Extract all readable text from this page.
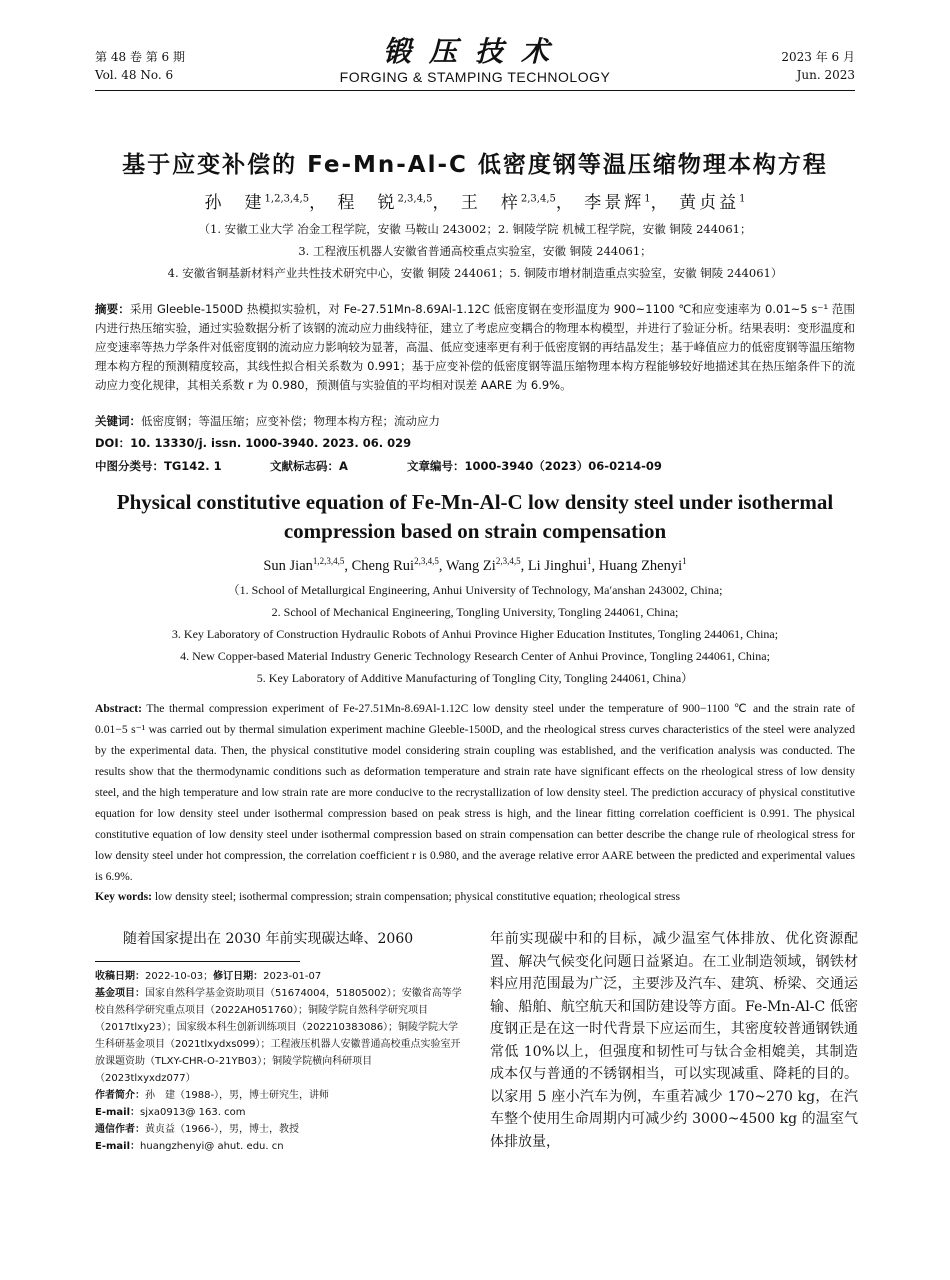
第 48 卷 第 6 期
Vol. 48 No. 6
锻压技术
FORGING & STAMPING TECHNOLOGY
2023 年 6 月
Jun. 2023
基于应变补偿的 Fe-Mn-Al-C 低密度钢等温压缩物理本构方程
孙　建$^{1,2,3,4,5}$， 程　锐$^{2,3,4,5}$， 王　梓$^{2,3,4,5}$， 李景辉$^1$， 黄贞益$^1$
（1. 安徽工业大学 冶金工程学院，安徽 马鞍山 243002；2. 铜陵学院 机械工程学院，安徽 铜陵 244061；
3. 工程液压机器人安徽省普通高校重点实验室，安徽 铜陵 244061；
4. 安徽省铜基新材料产业共性技术研究中心，安徽 铜陵 244061；5. 铜陵市增材制造重点实验室，安徽 铜陵 244061）
摘要：采用 Gleeble-1500D 热模拟实验机，对 Fe-27.51Mn-8.69Al-1.12C 低密度钢在变形温度为 900~1100 ℃和应变速率为 0.01~5 s⁻¹ 范围内进行热压缩实验，通过实验数据分析了该钢的流动应力曲线特征，建立了考虑应变耦合的物理本构模型，并进行了验证分析。结果表明：变形温度和应变速率等热力学条件对低密度钢的流动应力影响较为显著，高温、低应变速率更有利于低密度钢的再结晶发生；基于峰值应力的低密度钢等温压缩物理本构方程的预测精度较高，其线性拟合相关系数为 0.991；基于应变补偿的低密度钢等温压缩物理本构方程能够较好地描述其在热压缩条件下的流动应力变化规律，其相关系数 r 为 0.980，预测值与实验值的平均相对误差 AARE 为 6.9%。
关键词：低密度钢；等温压缩；应变补偿；物理本构方程；流动应力
DOI：10. 13330/j. issn. 1000-3940. 2023. 06. 029
中图分类号：TG142. 1	文献标志码：A	文章编号：1000-3940（2023）06-0214-09
Physical constitutive equation of Fe-Mn-Al-C low density steel under isothermal compression based on strain compensation
Sun Jian$^{1,2,3,4,5}$, Cheng Rui$^{2,3,4,5}$, Wang Zi$^{2,3,4,5}$, Li Jinghui$^1$, Huang Zhenyi$^1$
（1. School of Metallurgical Engineering, Anhui University of Technology, Ma′anshan 243002, China;
2. School of Mechanical Engineering, Tongling University, Tongling 244061, China;
3. Key Laboratory of Construction Hydraulic Robots of Anhui Province Higher Education Institutes, Tongling 244061, China;
4. New Copper-based Material Industry Generic Technology Research Center of Anhui Province, Tongling 244061, China;
5. Key Laboratory of Additive Manufacturing of Tongling City, Tongling 244061, China）
Abstract: The thermal compression experiment of Fe-27.51Mn-8.69Al-1.12C low density steel under the temperature of 900−1100 ℃ and the strain rate of 0.01−5 s⁻¹ was carried out by thermal simulation experiment machine Gleeble-1500D, and the rheological stress curves characteristics of the steel were analyzed by the experimental data. Then, the physical constitutive model considering strain coupling was established, and the verification analysis was conducted. The results show that the thermodynamic conditions such as deformation temperature and strain rate have significant effects on the rheological stress of low density steel, and the high temperature and low strain rate are more conducive to the recrystallization of low density steel. The prediction accuracy of physical constitutive equation for low density steel under isothermal compression based on peak stress is high, and the linear fitting correlation coefficient is 0.991. The physical constitutive equation of low density steel under isothermal compression based on strain compensation can better describe the change rule of rheological stress for low density steel under hot compression, the correlation coefficient r is 0.980, and the average relative error AARE between the predicted and experimental values is 6.9%.
Key words: low density steel; isothermal compression; strain compensation; physical constitutive equation; rheological stress

随着国家提出在 2030 年前实现碳达峰、2060

收稿日期：2022-10-03；修订日期：2023-01-07
基金项目：国家自然科学基金资助项目（51674004，51805002）；安徽省高等学校自然科学研究重点项目（2022AH051760）；铜陵学院自然科学研究项目（2017tlxy23）；国家级本科生创新训练项目（202210383086）；铜陵学院大学生科研基金项目（2021tlxydxs099）；工程液压机器人安徽普通高校重点实验室开放课题资助（TLXY-CHR-O-21YB03）；铜陵学院横向科研项目（2023tlxyxdz077）
作者简介：孙　建（1988-），男，博士研究生，讲师
E-mail：sjxa0913@ 163. com
通信作者：黄贞益（1966-），男，博士，教授
E-mail：huangzhenyi@ ahut. edu. cn

年前实现碳中和的目标，减少温室气体排放、优化资源配置、解决气候变化问题日益紧迫。在工业制造领域，钢铁材料应用范围最为广泛，主要涉及汽车、建筑、桥梁、交通运输、船舶、航空航天和国防建设等方面。Fe-Mn-Al-C 低密度钢正是在这一时代背景下应运而生，其密度较普通钢铁通常低 10%以上，但强度和韧性可与钛合金相媲美，其制造成本仅与普通的不锈钢相当，可以实现减重、降耗的目的。以家用 5 座小汽车为例，车重若减少 170~270 kg，在汽车整个使用生命周期内可减少约 3000~4500 kg 的温室气体排放量，
